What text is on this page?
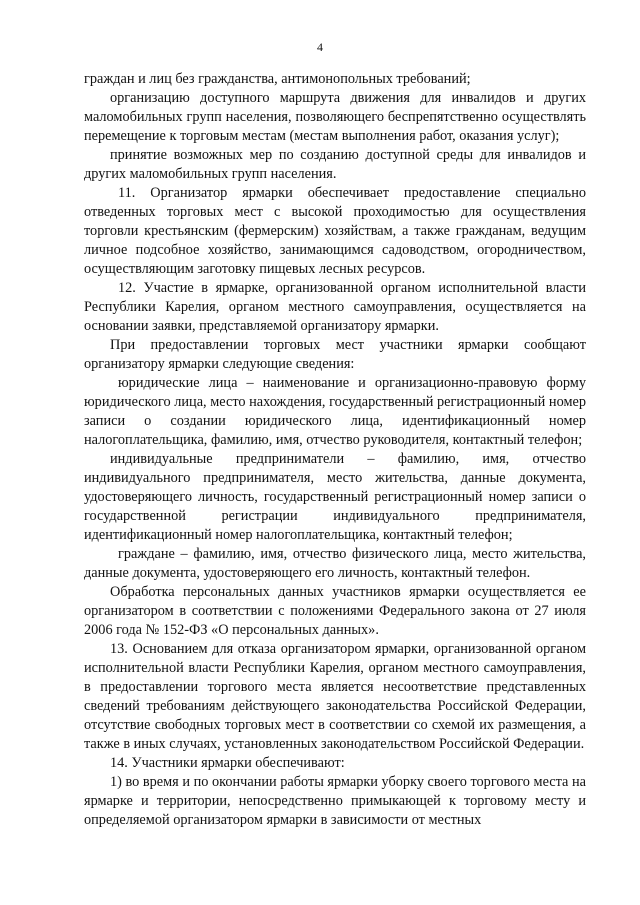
4

граждан и лиц без гражданства, антимонопольных требований;

организацию доступного маршрута движения для инвалидов и других маломобильных групп населения, позволяющего беспрепятственно осуществлять перемещение к торговым местам (местам выполнения работ, оказания услуг);

принятие возможных мер по созданию доступной среды для инвалидов и других маломобильных групп населения.

11. Организатор ярмарки обеспечивает предоставление специально отведенных торговых мест с высокой проходимостью для осуществления торговли крестьянским (фермерским) хозяйствам, а также гражданам, ведущим личное подсобное хозяйство, занимающимся садоводством, огородничеством, осуществляющим заготовку пищевых лесных ресурсов.

12. Участие в ярмарке, организованной органом исполнительной власти Республики Карелия, органом местного самоуправления, осуществляется на основании заявки, представляемой организатору ярмарки.

При предоставлении торговых мест участники ярмарки сообщают организатору ярмарки следующие сведения:

юридические лица – наименование и организационно-правовую форму юридического лица, место нахождения, государственный регистрационный номер записи о создании юридического лица, идентификационный номер налогоплательщика, фамилию, имя, отчество руководителя, контактный телефон;

индивидуальные предприниматели – фамилию, имя, отчество индивидуального предпринимателя, место жительства, данные документа, удостоверяющего личность, государственный регистрационный номер записи о государственной регистрации индивидуального предпринимателя, идентификационный номер налогоплательщика, контактный телефон;

граждане – фамилию, имя, отчество физического лица, место жительства, данные документа, удостоверяющего его личность, контактный телефон.

Обработка персональных данных участников ярмарки осуществляется ее организатором в соответствии с положениями Федерального закона от 27 июля 2006 года № 152-ФЗ «О персональных данных».

13. Основанием для отказа организатором ярмарки, организованной органом исполнительной власти Республики Карелия, органом местного самоуправления, в предоставлении торгового места является несоответствие представленных сведений требованиям действующего законодательства Российской Федерации, отсутствие свободных торговых мест в соответствии со схемой их размещения, а также в иных случаях, установленных законодательством Российской Федерации.

14. Участники ярмарки обеспечивают:

1) во время и по окончании работы ярмарки уборку своего торгового места на ярмарке и территории, непосредственно примыкающей к торговому месту и определяемой организатором ярмарки в зависимости от местных
